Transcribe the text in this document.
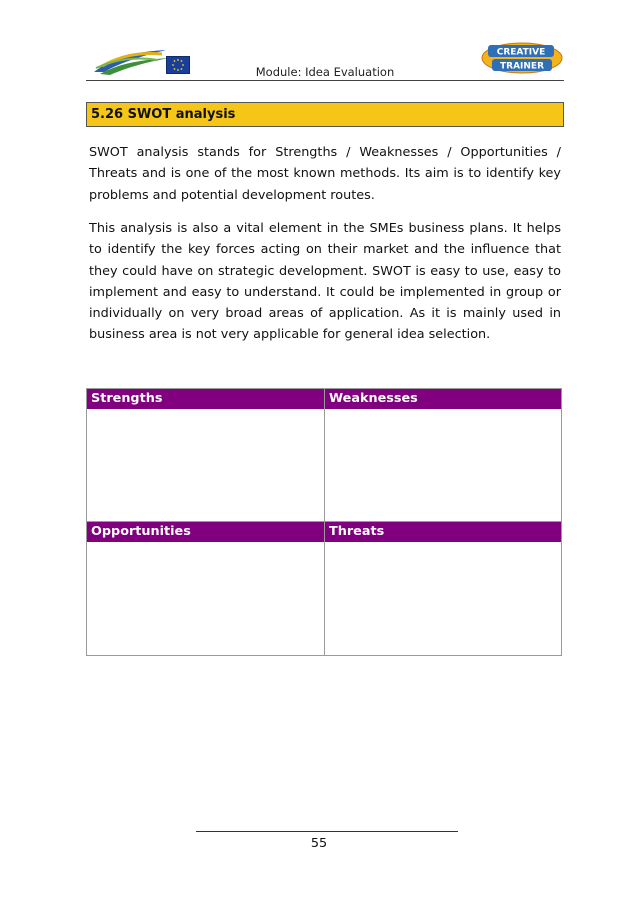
CREATIVE
TRAINER
Module: Idea Evaluation
5.26 SWOT analysis

SWOT analysis stands for Strengths / Weaknesses / Opportunities / Threats and is one of the most known methods. Its aim is to identify key problems and potential development routes.

This analysis is also a vital element in the SMEs business plans. It helps to identify the key forces acting on their market and the influence that they could have on strategic development. SWOT is easy to use, easy to implement and easy to understand. It could be implemented in group or individually on very broad areas of application. As it is mainly used in business area is not very applicable for general idea selection.

Strengths	Weaknesses
Opportunities	Threats
55
